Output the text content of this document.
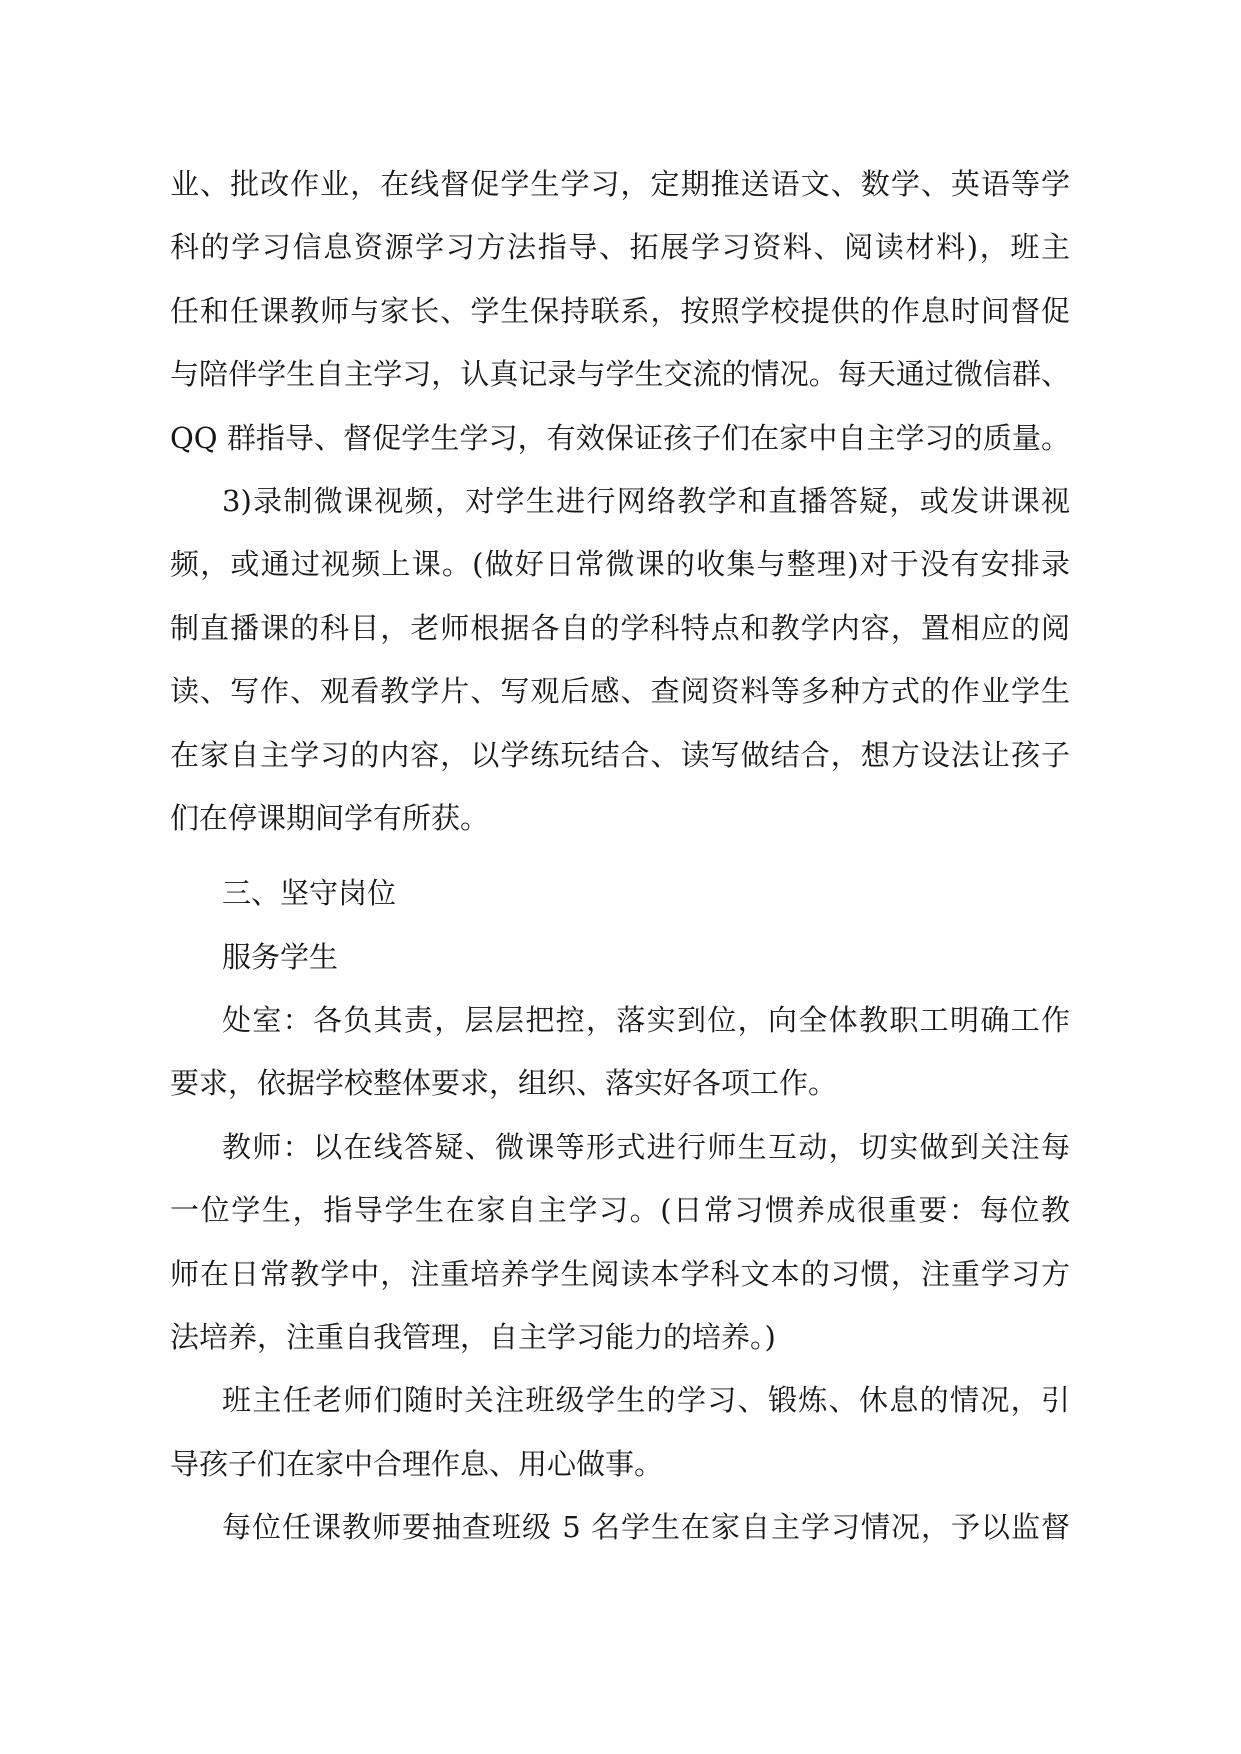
业、批改作业，在线督促学生学习，定期推送语文、数学、英语等学
科的学习信息资源学习方法指导、拓展学习资料、阅读材料)，班主
任和任课教师与家长、学生保持联系，按照学校提供的作息时间督促
与陪伴学生自主学习，认真记录与学生交流的情况。每天通过微信群、
QQ 群指导、督促学生学习，有效保证孩子们在家中自主学习的质量。
3)录制微课视频，对学生进行网络教学和直播答疑，或发讲课视
频，或通过视频上课。(做好日常微课的收集与整理)对于没有安排录
制直播课的科目，老师根据各自的学科特点和教学内容，置相应的阅
读、写作、观看教学片、写观后感、查阅资料等多种方式的作业学生
在家自主学习的内容，以学练玩结合、读写做结合，想方设法让孩子
们在停课期间学有所获。
三、坚守岗位
服务学生
处室：各负其责，层层把控，落实到位，向全体教职工明确工作
要求，依据学校整体要求，组织、落实好各项工作。
教师：以在线答疑、微课等形式进行师生互动，切实做到关注每
一位学生，指导学生在家自主学习。(日常习惯养成很重要：每位教
师在日常教学中，注重培养学生阅读本学科文本的习惯，注重学习方
法培养，注重自我管理，自主学习能力的培养。)
班主任老师们随时关注班级学生的学习、锻炼、休息的情况，引
导孩子们在家中合理作息、用心做事。
每位任课教师要抽查班级 5 名学生在家自主学习情况，予以监督
